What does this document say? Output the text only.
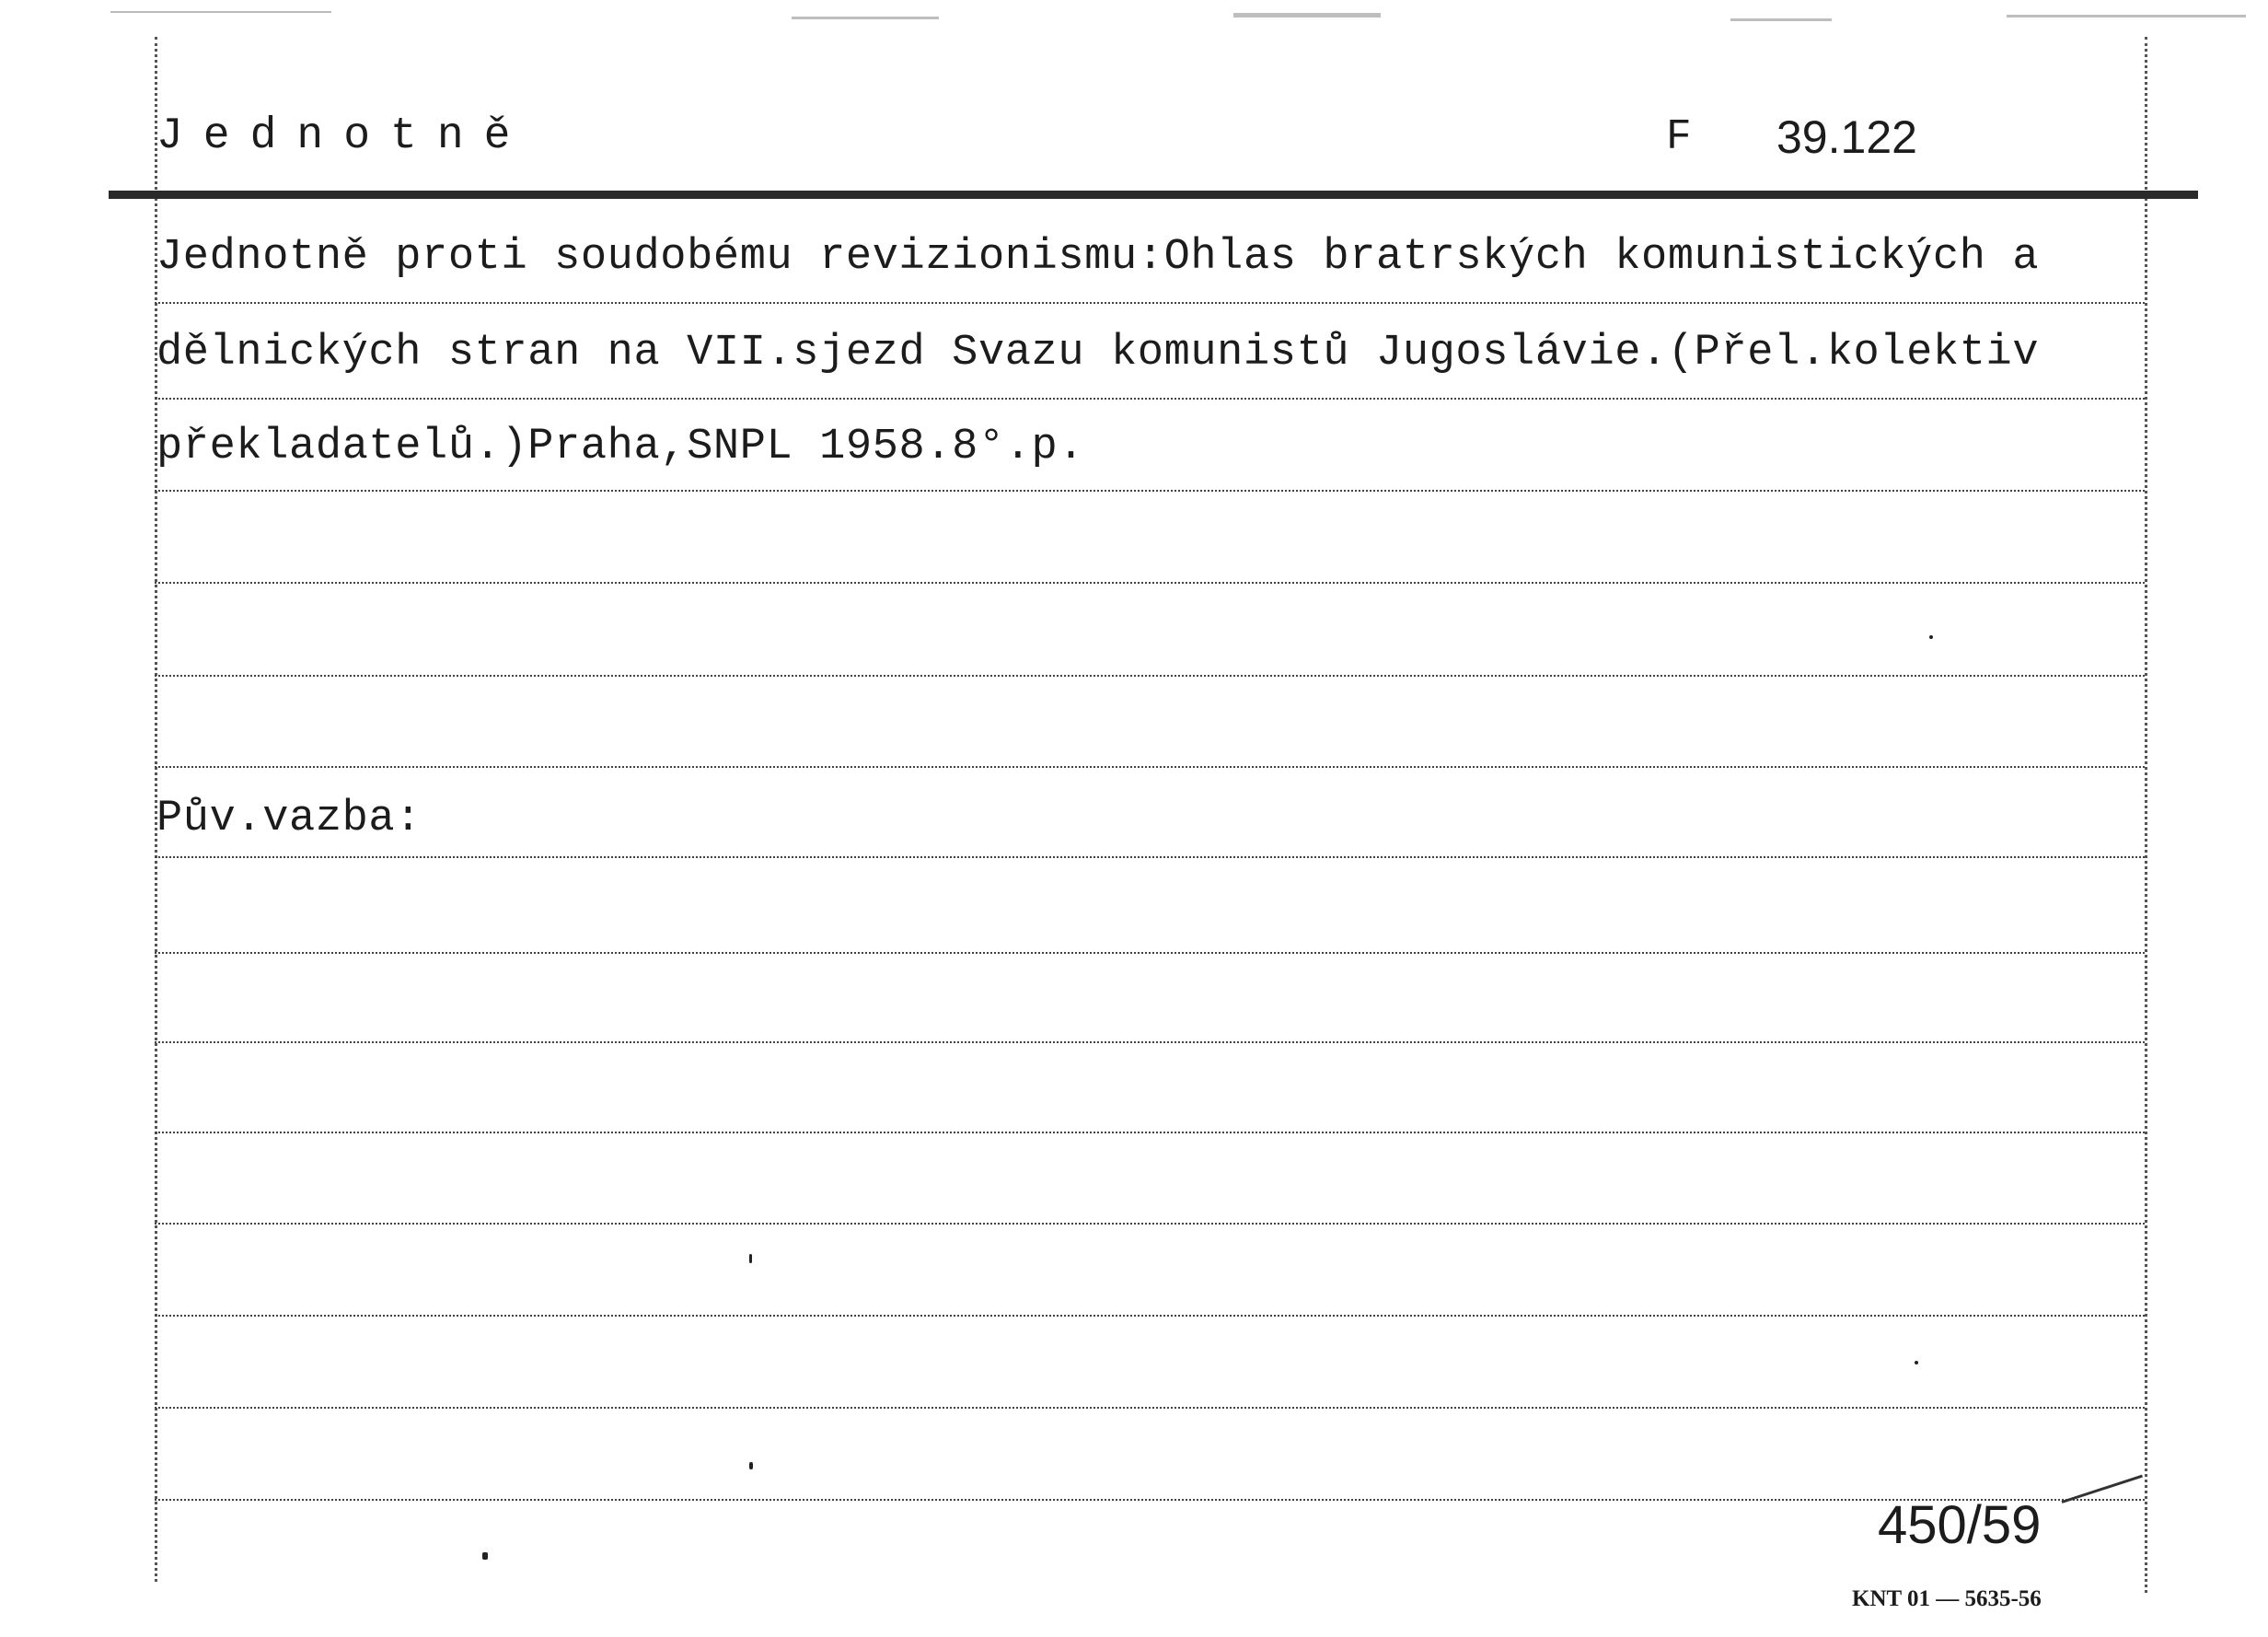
Jednotně	F 39.122
Jednotně proti soudobému revizionismu:Ohlas bratrských komunistických a
dělnických stran na VII.sjezd Svazu komunistů Jugoslávie.(Přel.kolektiv
překladatelů.)Praha,SNPL 1958.8°.p.
Pův.vazba:
450/59
KNT 01 — 5635-56
